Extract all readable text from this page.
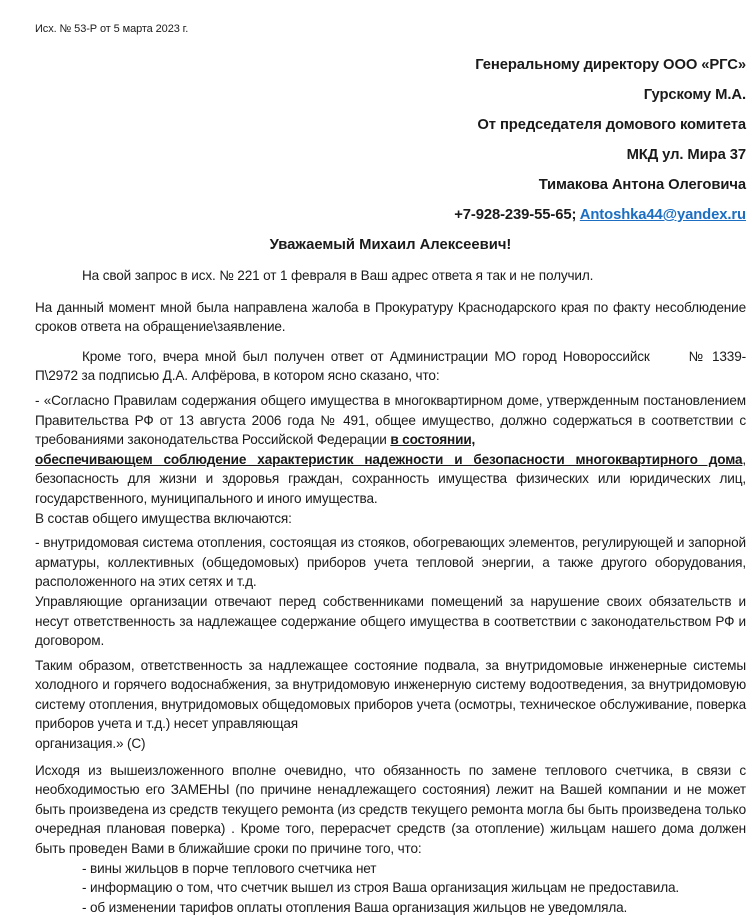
Исх. № 53-Р от 5 марта 2023 г.

Генеральному директору ООО «РГС»
Гурскому М.А.
От председателя домового комитета
МКД ул. Мира 37
Тимакова Антона Олеговича
+7-928-239-55-65; Antoshka44@yandex.ru

Уважаемый Михаил Алексеевич!

На свой запрос в исх. № 221 от 1 февраля в Ваш адрес ответа я так и не получил.

На данный момент мной была направлена жалоба в Прокуратуру Краснодарского края по факту несоблюдение сроков ответа на обращение\заявление.

Кроме того, вчера мной был получен ответ от Администрации МО город Новороссийск	№ 1339-П\2972 за подписью Д.А. Алфёрова, в котором ясно сказано, что:

- «Согласно Правилам содержания общего имущества в многоквартирном доме, утвержденным постановлением Правительства РФ от 13 августа 2006 года № 491, общее имущество, должно содержаться в соответствии с требованиями законодательства Российской Федерации в состоянии,
обеспечивающем соблюдение характеристик надежности и безопасности многоквартирного дома, безопасность для жизни и здоровья граждан, сохранность имущества физических или юридических лиц, государственного, муниципального и иного имущества.
В состав общего имущества включаются:

- внутридомовая система отопления, состоящая из стояков, обогревающих элементов, регулирующей и запорной арматуры, коллективных (общедомовых) приборов учета тепловой энергии, а также другого оборудования, расположенного на этих сетях и т.д.
Управляющие организации отвечают перед собственниками помещений за нарушение своих обязательств и несут ответственность за надлежащее содержание общего имущества в соответствии с законодательством РФ и договором.

Таким образом, ответственность за надлежащее состояние подвала, за внутридомовые инженерные системы холодного и горячего водоснабжения, за внутридомовую инженерную систему водоотведения, за внутридомовую систему отопления, внутридомовых общедомовых приборов учета (осмотры, техническое обслуживание, поверка приборов учета и т.д.) несет управляющая
организация.» (С)

Исходя из вышеизложенного вполне очевидно, что обязанность по замене теплового счетчика, в связи с необходимостью его ЗАМЕНЫ (по причине ненадлежащего состояния) лежит на Вашей компании и не может быть произведена из средств текущего ремонта (из средств текущего ремонта могла бы быть произведена только очередная плановая поверка) . Кроме того, перерасчет средств (за отопление) жильцам нашего дома должен быть проведен Вами в ближайшие сроки по причине того, что:
- вины жильцов в порче теплового счетчика нет
- информацию о том, что счетчик вышел из строя Ваша организация жильцам не предоставила.
- об изменении тарифов оплаты отопления Ваша организация жильцов не уведомляла.
